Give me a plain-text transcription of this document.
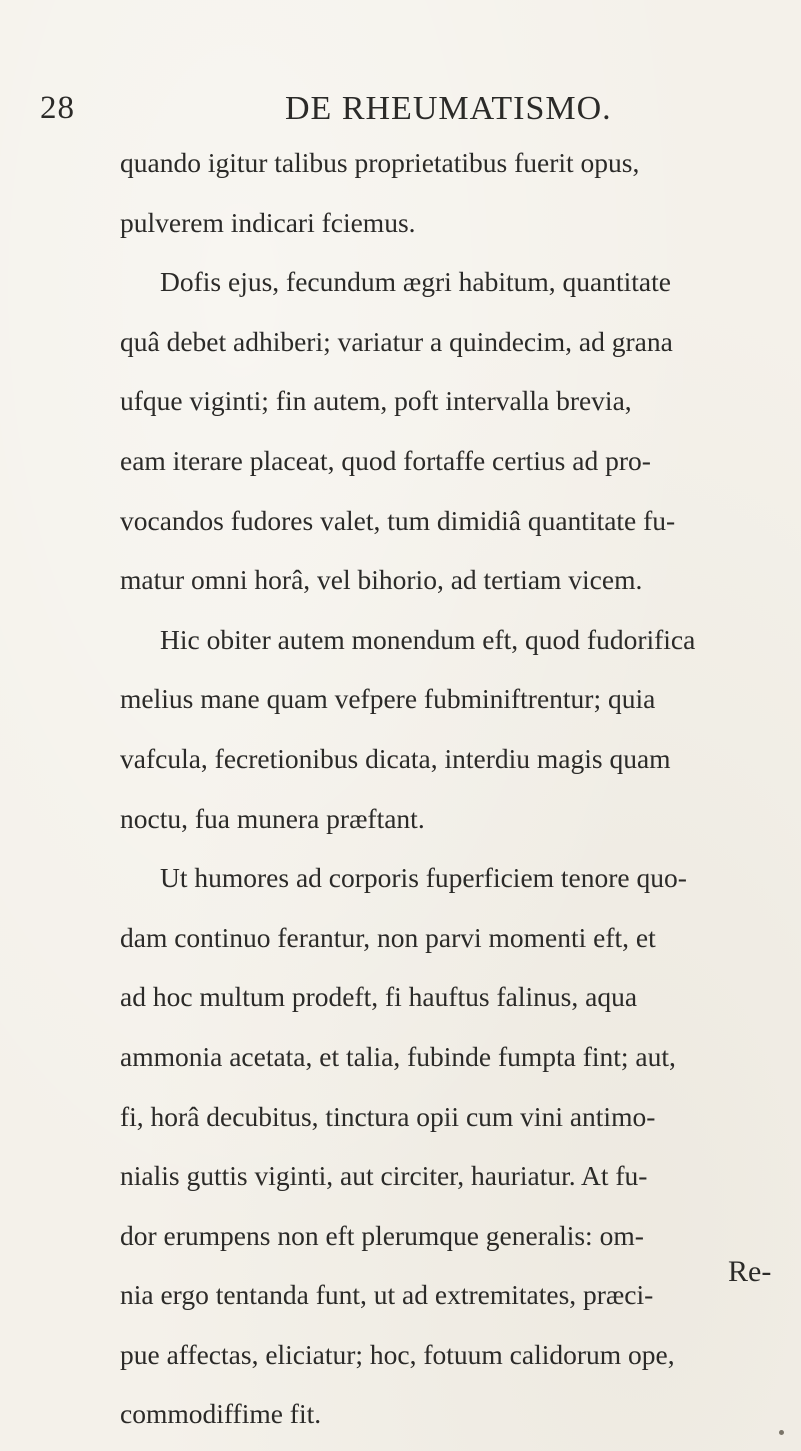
28	DE RHEUMATISMO.
quando igitur talibus proprietatibus fuerit opus,
pulverem indicari fciemus.
Dofis ejus, fecundum ægri habitum, quantitate
quâ debet adhiberi; variatur a quindecim, ad grana
ufque viginti; fin autem, poft intervalla brevia,
eam iterare placeat, quod fortaffe certius ad pro-
vocandos fudores valet, tum dimidiâ quantitate fu-
matur omni horâ, vel bihorio, ad tertiam vicem.
Hic obiter autem monendum eft, quod fudorifica
melius mane quam vefpere fubminiftrentur; quia
vafcula, fecretionibus dicata, interdiu magis quam
noctu, fua munera præftant.
Ut humores ad corporis fuperficiem tenore quo-
dam continuo ferantur, non parvi momenti eft, et
ad hoc multum prodeft, fi hauftus falinus, aqua
ammonia acetata, et talia, fubinde fumpta fint; aut,
fi, horâ decubitus, tinctura opii cum vini antimo-
nialis guttis viginti, aut circiter, hauriatur. At fu-
dor erumpens non eft plerumque generalis: om-
nia ergo tentanda funt, ut ad extremitates, præci-
pue affectas, eliciatur; hoc, fotuum calidorum ope,
commodiffime fit.
Re-
